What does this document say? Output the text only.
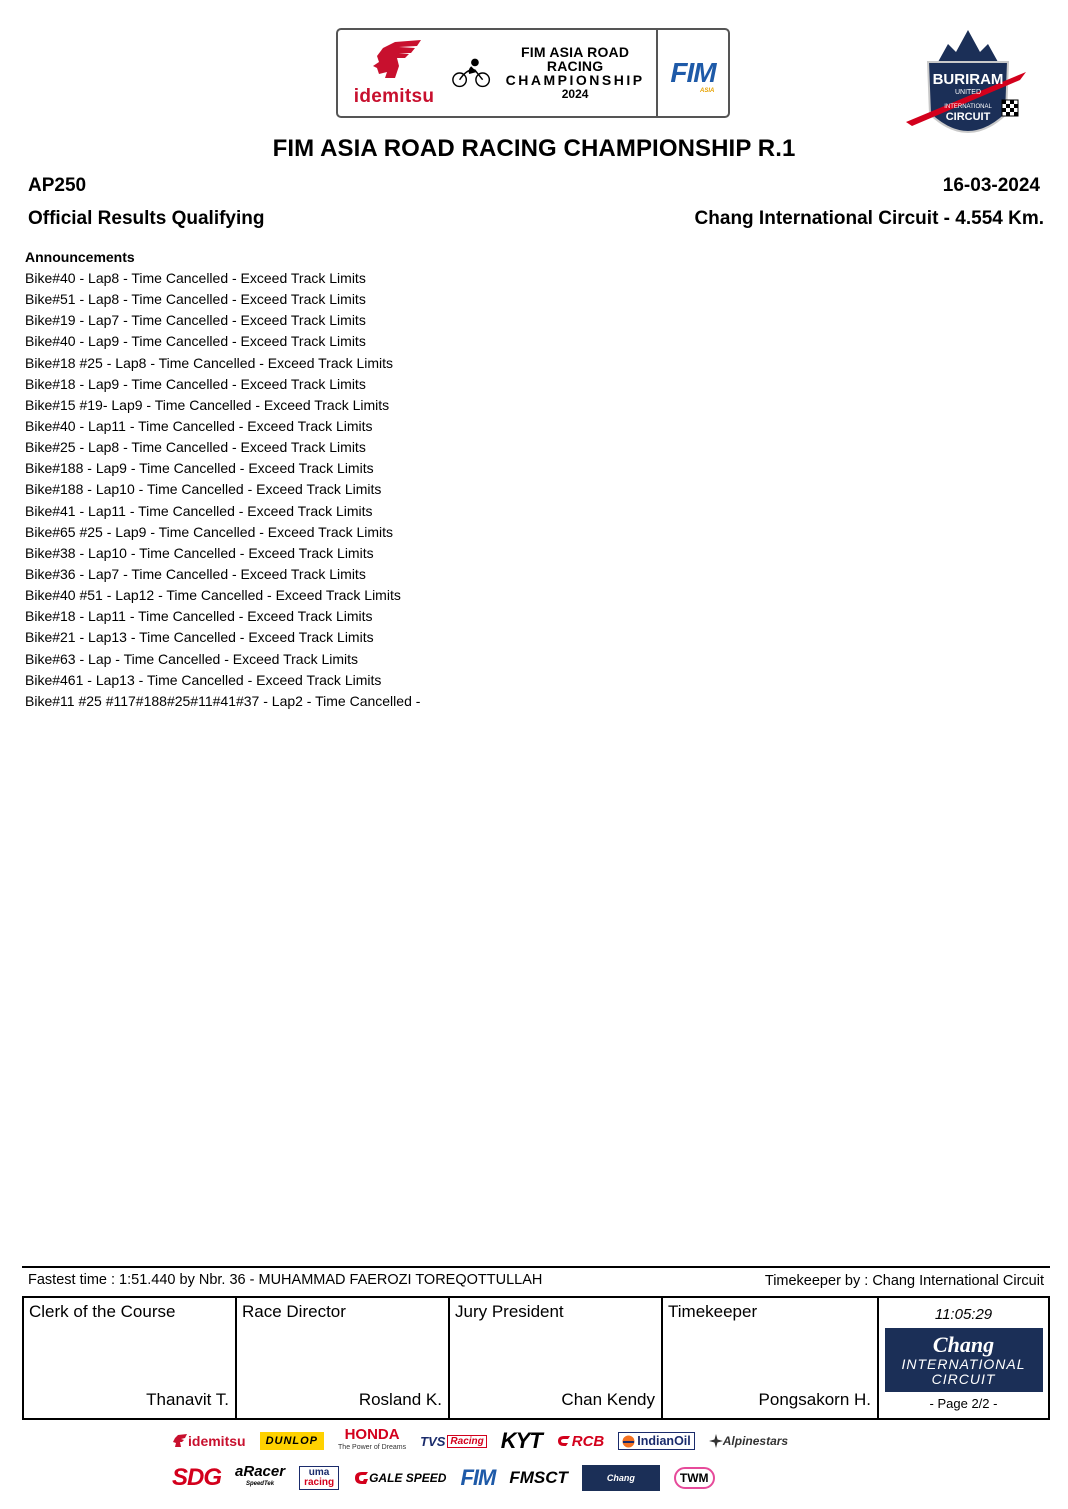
idemitsu
FIM ASIA ROAD RACING
CHAMPIONSHIP
2024
FIM
ASIA
BURIRAM
UNITED
INTERNATIONAL
CIRCUIT
FIM ASIA ROAD RACING CHAMPIONSHIP R.1
AP250	16-03-2024
Official Results Qualifying	Chang International Circuit - 4.554 Km.
Announcements
Bike#40 - Lap8 - Time Cancelled - Exceed Track Limits
Bike#51 - Lap8 - Time Cancelled - Exceed Track Limits
Bike#19 - Lap7 - Time Cancelled - Exceed Track Limits
Bike#40 - Lap9 - Time Cancelled - Exceed Track Limits
Bike#18 #25 - Lap8 - Time Cancelled - Exceed Track Limits
Bike#18 - Lap9 - Time Cancelled - Exceed Track Limits
Bike#15 #19- Lap9 - Time Cancelled - Exceed Track Limits
Bike#40 - Lap11 - Time Cancelled - Exceed Track Limits
Bike#25 - Lap8 - Time Cancelled - Exceed Track Limits
Bike#188 - Lap9 - Time Cancelled - Exceed Track Limits
Bike#188 - Lap10 - Time Cancelled - Exceed Track Limits
Bike#41 - Lap11 - Time Cancelled - Exceed Track Limits
Bike#65 #25 - Lap9 - Time Cancelled - Exceed Track Limits
Bike#38 - Lap10 - Time Cancelled - Exceed Track Limits
Bike#36 - Lap7 - Time Cancelled - Exceed Track Limits
Bike#40 #51 - Lap12 - Time Cancelled - Exceed Track Limits
Bike#18 - Lap11 - Time Cancelled - Exceed Track Limits
Bike#21 - Lap13 - Time Cancelled - Exceed Track Limits
Bike#63 - Lap - Time Cancelled - Exceed Track Limits
Bike#461 - Lap13 - Time Cancelled - Exceed Track Limits
Bike#11 #25 #117#188#25#11#41#37 - Lap2 - Time Cancelled -
Fastest time : 1:51.440 by Nbr. 36 - MUHAMMAD FAEROZI TOREQOTTULLAH	Timekeeper by : Chang International Circuit
Clerk of the Course
Thanavit T.
Race Director
Rosland K.
Jury President
Chan Kendy
Timekeeper
Pongsakorn H.
11:05:29
Chang
INTERNATIONAL
CIRCUIT
- Page 2/2 -
idemitsu	DUNLOP	HONDA
The Power of Dreams TVS Racing KYT RCB	IndianOil	Alpinestars
SDG aRacer
SpeedTek
uma
racing	GALE SPEED FIM FMSCT	Chang	TWM
